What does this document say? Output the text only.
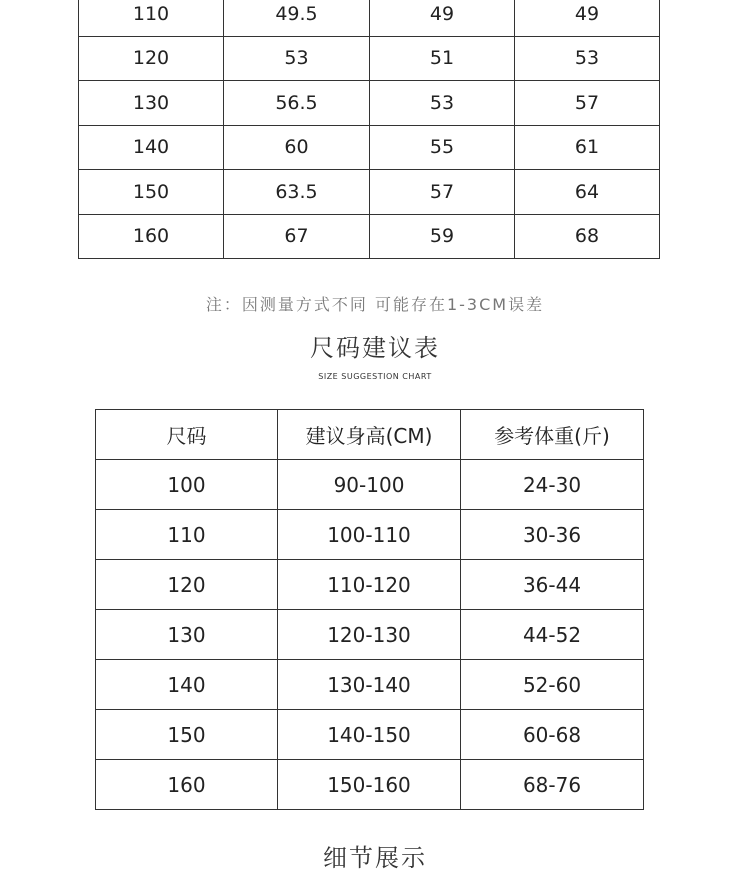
110	49.5	49	49
120	53	51	53
130	56.5	53	57
140	60	55	61
150	63.5	57	64
160	67	59	68
注：因测量方式不同 可能存在1-3CM误差
尺码建议表
SIZE SUGGESTION CHART
尺码	建议身高(CM)	参考体重(斤)
100	90-100	24-30
110	100-110	30-36
120	110-120	36-44
130	120-130	44-52
140	130-140	52-60
150	140-150	60-68
160	150-160	68-76
细节展示
